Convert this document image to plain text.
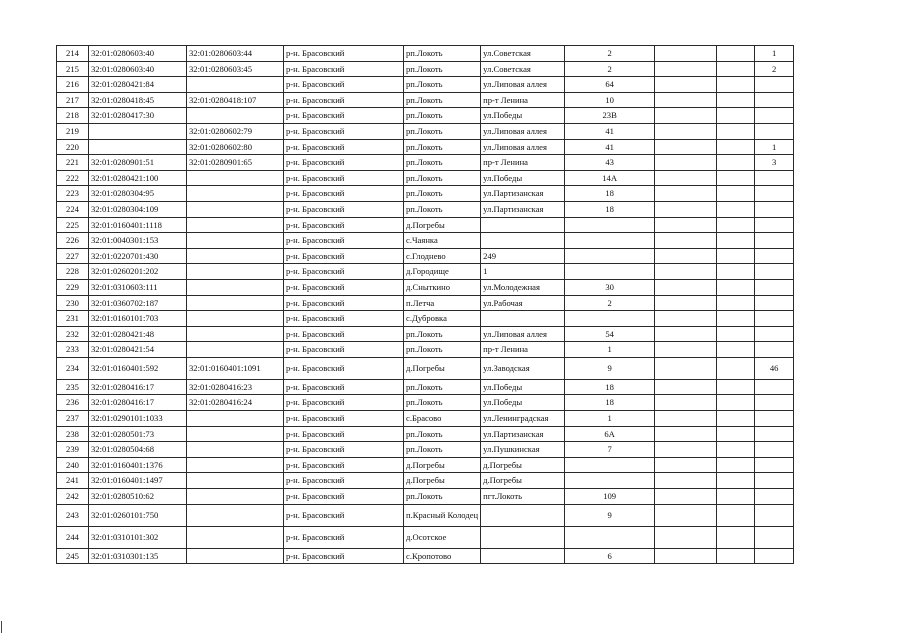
214	32:01:0280603:40	32:01:0280603:44	р-н. Брасовский	рп.Локоть	ул.Советская	2			1
215	32:01:0280603:40	32:01:0280603:45	р-н. Брасовский	рп.Локоть	ул.Советская	2			2
216	32:01:0280421:84		р-н. Брасовский	рп.Локоть	ул.Липовая аллея	64			
217	32:01:0280418:45	32:01:0280418:107	р-н. Брасовский	рп.Локоть	пр-т Ленина	10			
218	32:01:0280417:30		р-н. Брасовский	рп.Локоть	ул.Победы	23В			
219		32:01:0280602:79	р-н. Брасовский	рп.Локоть	ул.Липовая аллея	41			
220		32:01:0280602:80	р-н. Брасовский	рп.Локоть	ул.Липовая аллея	41			1
221	32:01:0280901:51	32:01:0280901:65	р-н. Брасовский	рп.Локоть	пр-т Ленина	43			3
222	32:01:0280421:100		р-н. Брасовский	рп.Локоть	ул.Победы	14А			
223	32:01:0280304:95		р-н. Брасовский	рп.Локоть	ул.Партизанская	18			
224	32:01:0280304:109		р-н. Брасовский	рп.Локоть	ул.Партизанская	18			
225	32:01:0160401:1118		р-н. Брасовский	д.Погребы					
226	32:01:0040301:153		р-н. Брасовский	с.Чаянка					
227	32:01:0220701:430		р-н. Брасовский	с.Глоднево	249				
228	32:01:0260201:202		р-н. Брасовский	д.Городище	1				
229	32:01:0310603:111		р-н. Брасовский	д.Сныткино	ул.Молодежная	30			
230	32:01:0360702:187		р-н. Брасовский	п.Летча	ул.Рабочая	2			
231	32:01:0160101:703		р-н. Брасовский	с.Дубровка					
232	32:01:0280421:48		р-н. Брасовский	рп.Локоть	ул.Липовая аллея	54			
233	32:01:0280421:54		р-н. Брасовский	рп.Локоть	пр-т Ленина	1			
234	32:01:0160401:592	32:01:0160401:1091	р-н. Брасовский	д.Погребы	ул.Заводская	9			46
235	32:01:0280416:17	32:01:0280416:23	р-н. Брасовский	рп.Локоть	ул.Победы	18			
236	32:01:0280416:17	32:01:0280416:24	р-н. Брасовский	рп.Локоть	ул.Победы	18			
237	32:01:0290101:1033		р-н. Брасовский	с.Брасово	ул.Ленинградская	1			
238	32:01:0280501:73		р-н. Брасовский	рп.Локоть	ул.Партизанская	6А			
239	32:01:0280504:68		р-н. Брасовский	рп.Локоть	ул.Пушкинская	7			
240	32:01:0160401:1376		р-н. Брасовский	д.Погребы	д.Погребы				
241	32:01:0160401:1497		р-н. Брасовский	д.Погребы	д.Погребы				
242	32:01:0280510:62		р-н. Брасовский	рп.Локоть	пгт.Локоть	109			
243	32:01:0260101:750		р-н. Брасовский	п.Красный Колодец		9			
244	32:01:0310101:302		р-н. Брасовский	д.Осотское					
245	32:01:0310301:135		р-н. Брасовский	с.Кропотово		6			
